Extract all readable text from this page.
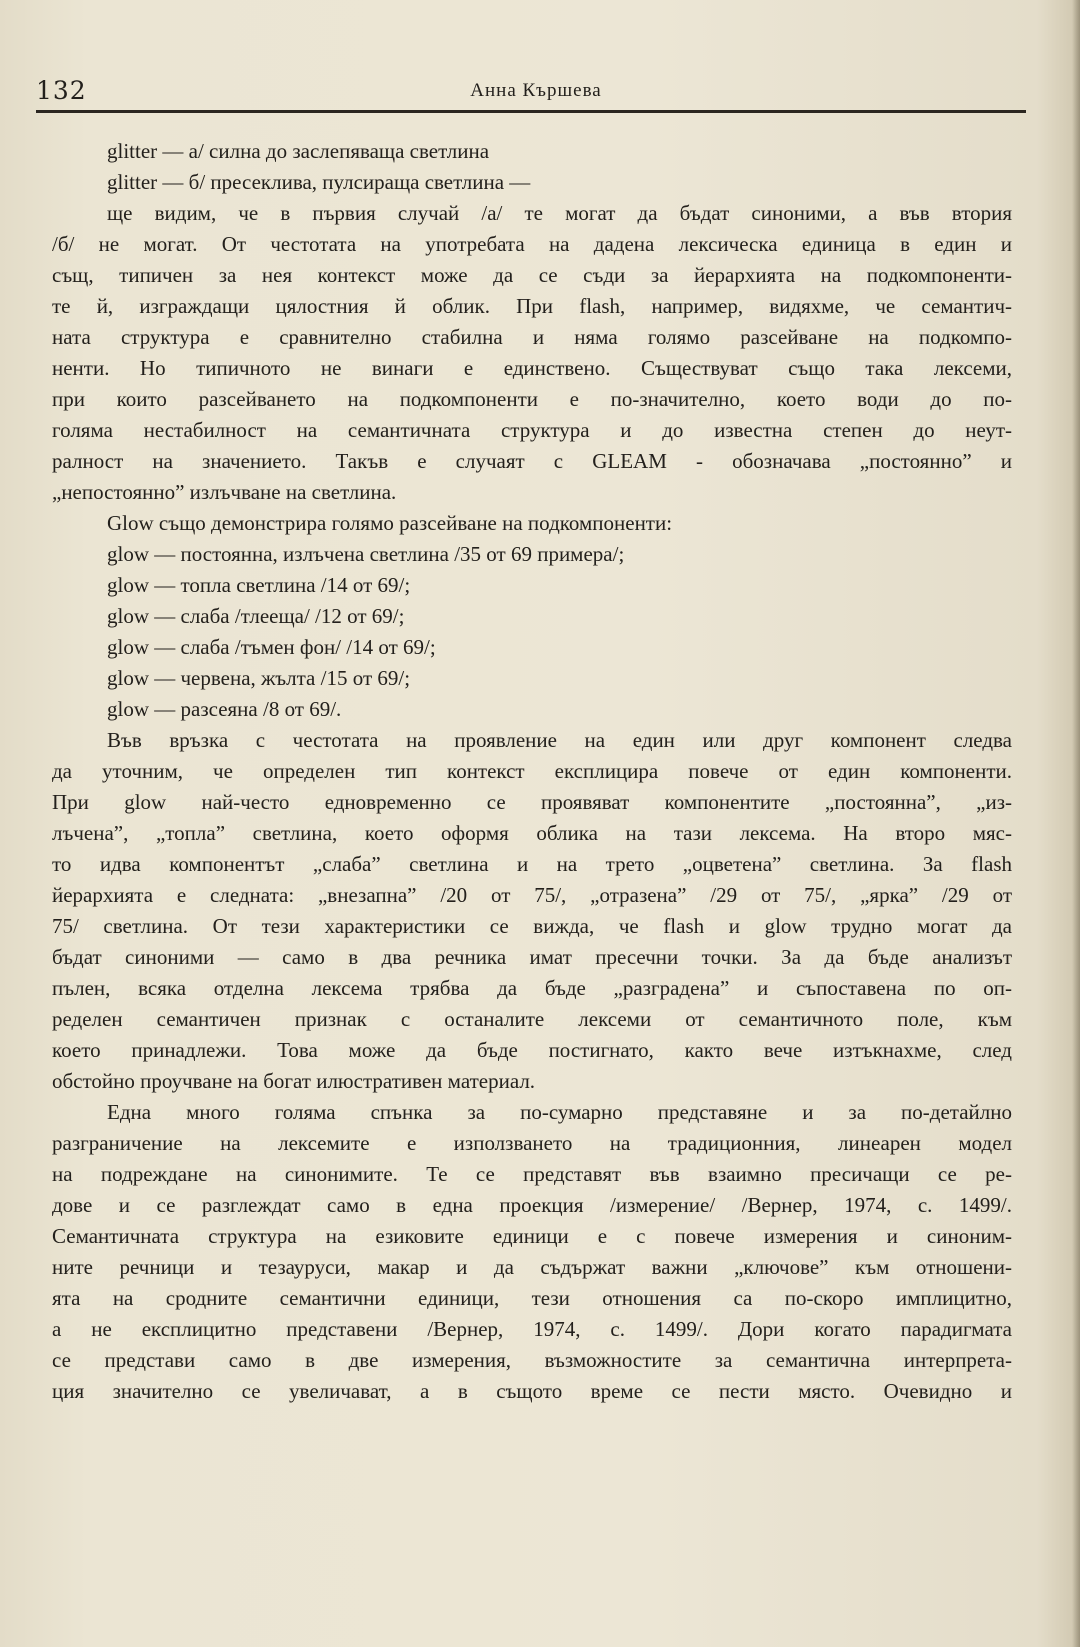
132	Анна Кършева
glitter — а/ силна до заслепяваща светлина
glitter — б/ пресеклива, пулсираща светлина —
ще видим, че в първия случай /а/ те могат да бъдат синоними, а във втория
/б/ не могат. От честотата на употребата на дадена лексическа единица в един и
същ, типичен за нея контекст може да се съди за йерархията на подкомпоненти-
те й, изграждащи цялостния й облик. При flash, например, видяхме, че семантич-
ната структура е сравнително стабилна и няма голямо разсейване на подкомпо-
ненти. Но типичното не винаги е единствено. Съществуват също така лексеми,
при които разсейването на подкомпоненти е по-значително, което води до по-
голяма нестабилност на семантичната структура и до известна степен до неут-
ралност на значението. Такъв е случаят с GLEAM - обозначава „постоянно” и
„непостоянно” излъчване на светлина.
Glow също демонстрира голямо разсейване на подкомпоненти:
glow — постоянна, излъчена светлина /35 от 69 примера/;
glow — топла светлина /14 от 69/;
glow — слаба /тлееща/ /12 от 69/;
glow — слаба /тъмен фон/ /14 от 69/;
glow — червена, жълта /15 от 69/;
glow — разсеяна /8 от 69/.
Във връзка с честотата на проявление на един или друг компонент следва
да уточним, че определен тип контекст експлицира повече от един компоненти.
При glow най-често едновременно се проявяват компонентите „постоянна”, „из-
лъчена”, „топла” светлина, което оформя облика на тази лексема. На второ мяс-
то идва компонентът „слаба” светлина и на трето „оцветена” светлина. За flash
йерархията е следната: „внезапна” /20 от 75/, „отразена” /29 от 75/, „ярка” /29 от
75/ светлина. От тези характеристики се вижда, че flash и glow трудно могат да
бъдат синоними — само в два речника имат пресечни точки. За да бъде анализът
пълен, всяка отделна лексема трябва да бъде „разградена” и съпоставена по оп-
ределен семантичен признак с останалите лексеми от семантичното поле, към
което принадлежи. Това може да бъде постигнато, както вече изтъкнахме, след
обстойно проучване на богат илюстративен материал.
Една много голяма спънка за по-сумарно представяне и за по-детайлно
разграничение на лексемите е използването на традиционния, линеарен модел
на подреждане на синонимите. Те се представят във взаимно пресичащи се ре-
дове и се разглеждат само в една проекция /измерение/ /Вернер, 1974, с. 1499/.
Семантичната структура на езиковите единици е с повече измерения и синоним-
ните речници и тезауруси, макар и да съдържат важни „ключове” към отношени-
ята на сродните семантични единици, тези отношения са по-скоро имплицитно,
а не експлицитно представени /Вернер, 1974, с. 1499/. Дори когато парадигмата
се представи само в две измерения, възможностите за семантична интерпрета-
ция значително се увеличават, а в същото време се пести място. Очевидно и
